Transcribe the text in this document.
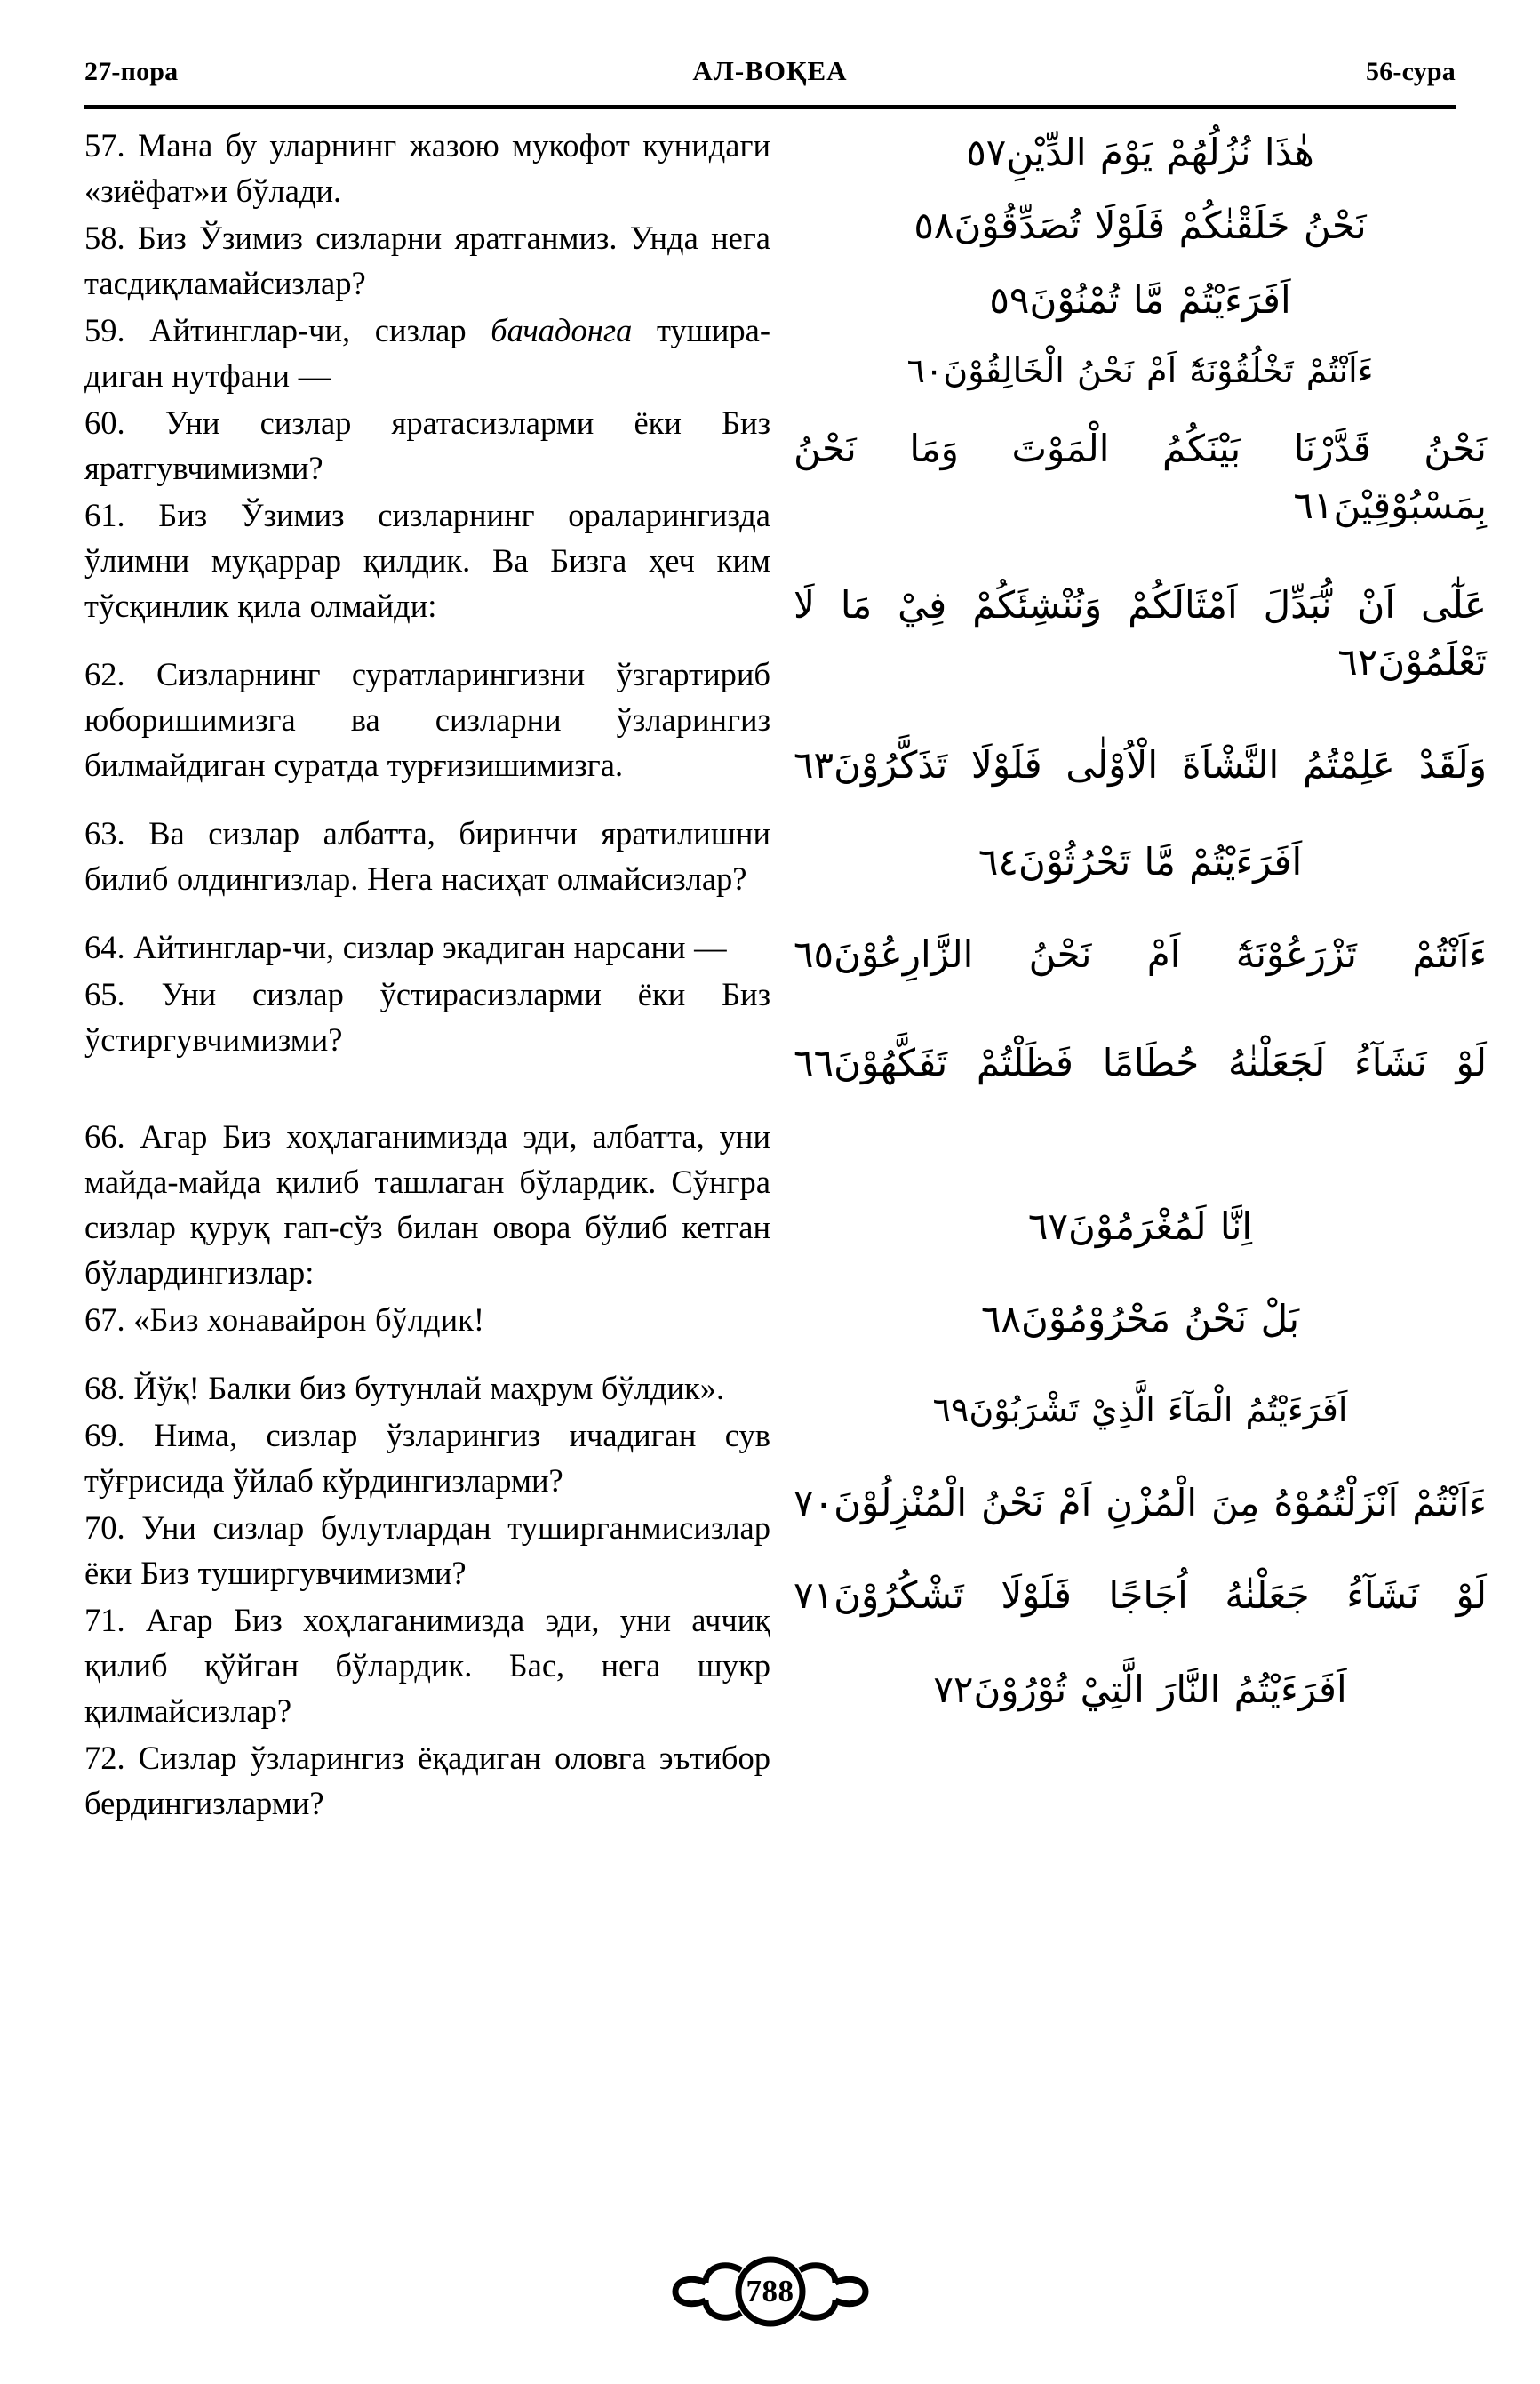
27-пора	АЛ-ВОҚЕА	56-сура

57. Мана бу уларнинг жазою мукофот кунидаги «зиёфат»и бўлади.

58. Биз Ўзимиз сизларни яратганмиз. Унда нега тасдиқламайсизлар?

59. Айтинглар-чи, сизлар бачадонга туширадиган нутфани —

60. Уни сизлар яратасизларми ёки Биз яратгувчимизми?

61. Биз Ўзимиз сизларнинг ораларингизда ўлимни муқаррар қилдик. Ва Бизга ҳеч ким тўсқинлик қила олмайди:

62. Сизларнинг суратларингизни ўзгартириб юборишимизга ва сизларни ўзларингиз билмайдиган суратда турғизишимизга.

63. Ва сизлар албатта, биринчи яратилишни билиб олдингизлар. Нега насиҳат олмайсизлар?

64. Айтинглар-чи, сизлар экадиган нарсани —

65. Уни сизлар ўстирасизларми ёки Биз ўстиргувчимизми?

66. Агар Биз хоҳлаганимизда эди, албатта, уни майда-майда қилиб ташлаган бўлардик. Сўнгра сизлар қуруқ гап-сўз билан овора бўлиб кетган бўлардингизлар:

67. «Биз хонавайрон бўлдик!

68. Йўқ! Балки биз бутунлай маҳрум бўлдик».

69. Нима, сизлар ўзларингиз ичадиган сув тўғрисида ўйлаб кўрдингизларми?

70. Уни сизлар булутлардан туширганмисизлар ёки Биз туширгувчимизми?

71. Агар Биз хоҳлаганимизда эди, уни аччиқ қилиб қўйган бўлардик. Бас, нега шукр қилмайсизлар?

72. Сизлар ўзларингиз ёқадиган оловга эътибор бердингизларми?

هٰذَا نُزُلُهُمْ يَوْمَ الدِّيْنِ٥٧

نَحْنُ خَلَقْنٰكُمْ فَلَوْلَا تُصَدِّقُوْنَ٥٨

اَفَرَءَيْتُمْ مَّا تُمْنُوْنَ٥٩

ءَاَنْتُمْ تَخْلُقُوْنَهٗٓ اَمْ نَحْنُ الْخَالِقُوْنَ٦٠

نَحْنُ قَدَّرْنَا بَيْنَكُمُ الْمَوْتَ وَمَا نَحْنُ بِمَسْبُوْقِيْنَ٦١

عَلٰٓى اَنْ نُّبَدِّلَ اَمْثَالَكُمْ وَنُنْشِئَكُمْ فِيْ مَا لَا تَعْلَمُوْنَ٦٢

وَلَقَدْ عَلِمْتُمُ النَّشْاَةَ الْاُوْلٰى فَلَوْلَا تَذَكَّرُوْنَ٦٣

اَفَرَءَيْتُمْ مَّا تَحْرُثُوْنَ٦٤

ءَاَنْتُمْ تَزْرَعُوْنَهٗٓ اَمْ نَحْنُ الزَّارِعُوْنَ٦٥

لَوْ نَشَآءُ لَجَعَلْنٰهُ حُطَامًا فَظَلْتُمْ تَفَكَّهُوْنَ٦٦

اِنَّا لَمُغْرَمُوْنَ٦٧

بَلْ نَحْنُ مَحْرُوْمُوْنَ٦٨

اَفَرَءَيْتُمُ الْمَآءَ الَّذِيْ تَشْرَبُوْنَ٦٩

ءَاَنْتُمْ اَنْزَلْتُمُوْهُ مِنَ الْمُزْنِ اَمْ نَحْنُ الْمُنْزِلُوْنَ٧٠

لَوْ نَشَآءُ جَعَلْنٰهُ اُجَاجًا فَلَوْلَا تَشْكُرُوْنَ٧١

اَفَرَءَيْتُمُ النَّارَ الَّتِيْ تُوْرُوْنَ٧٢

788
